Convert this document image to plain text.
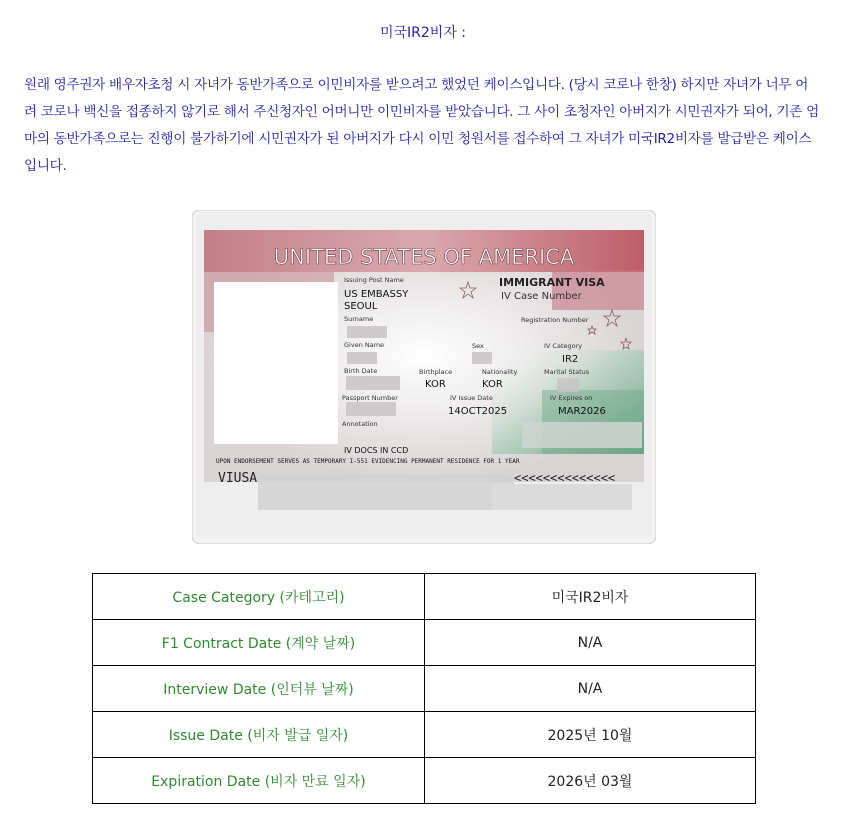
미국IR2비자 :
원래 영주권자 배우자초청 시 자녀가 동반가족으로 이민비자를 받으려고 했었던 케이스입니다. (당시 코로나 한창) 하지만 자녀가 너무 어려 코로나 백신을 접종하지 않기로 해서 주신청자인 어머니만 이민비자를 받았습니다. 그 사이 초청자인 아버지가 시민권자가 되어, 기존 엄마의 동반가족으로는 진행이 불가하기에 시민권자가 된 아버지가 다시 이민 청원서를 접수하여 그 자녀가 미국IR2비자를 발급받은 케이스입니다.
UNITED STATES OF AMERICA
Issuing Post Name
US EMBASSY
SEOUL
IMMIGRANT VISA
IV Case Number
Surname	Registration Number
Given Name	Sex	IV Category
IR2
Birth Date	Birthplace	Nationality	Marital Status
KOR	KOR
Passport Number	IV Issue Date	IV Expires on
14OCT2025	MAR2026
Annotation
IV DOCS IN CCD
UPON ENDORSEMENT SERVES AS TEMPORARY I-551 EVIDENCING PERMANENT RESIDENCE FOR 1 YEAR
VIUSA	<<<<<<<<<<<<<<
Case Category (카테고리)	미국IR2비자
F1 Contract Date (계약 날짜)	N/A
Interview Date (인터뷰 날짜)	N/A
Issue Date (비자 발급 일자)	2025년 10월
Expiration Date (비자 만료 일자)	2026년 03월
